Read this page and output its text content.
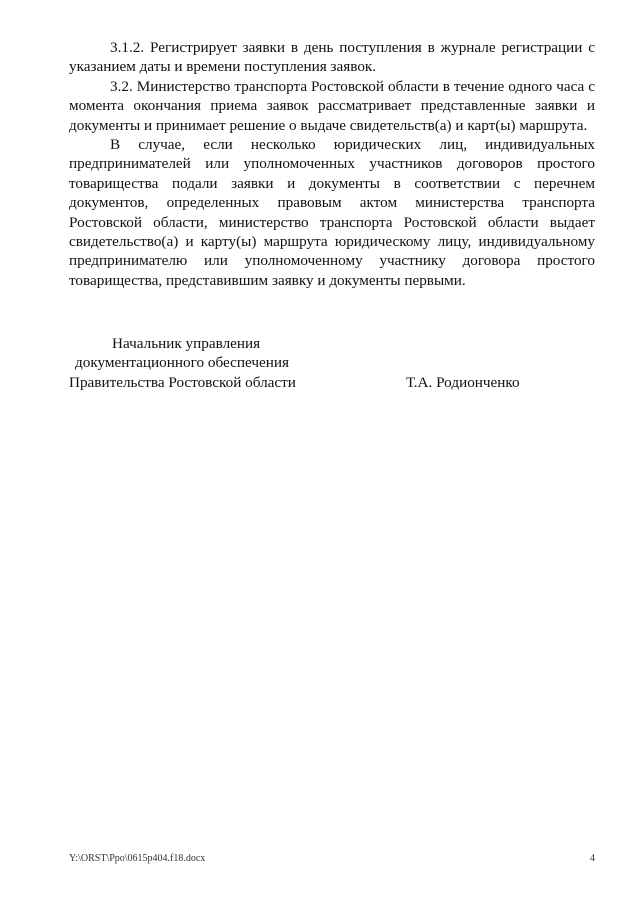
3.1.2. Регистрирует заявки в день поступления в журнале регистрации с указанием даты и времени поступления заявок.

3.2. Министерство транспорта Ростовской области в течение одного часа с момента окончания приема заявок рассматривает представленные заявки и документы и принимает решение о выдаче свидетельств(а) и карт(ы) маршрута.

В случае, если несколько юридических лиц, индивидуальных предпринимателей или уполномоченных участников договоров простого товарищества подали заявки и документы в соответствии с перечнем документов, определенных правовым актом министерства транспорта Ростовской области, министерство транспорта Ростовской области выдает свидетельство(а) и карту(ы) маршрута юридическому лицу, индивидуальному предпринимателю или уполномоченному участнику договора простого товарищества, представившим заявку и документы первыми.

Начальник управления
документационного обеспечения
Правительства Ростовской области	Т.А. Родионченко
Y:\ORST\Ppo\0615p404.f18.docx	4
